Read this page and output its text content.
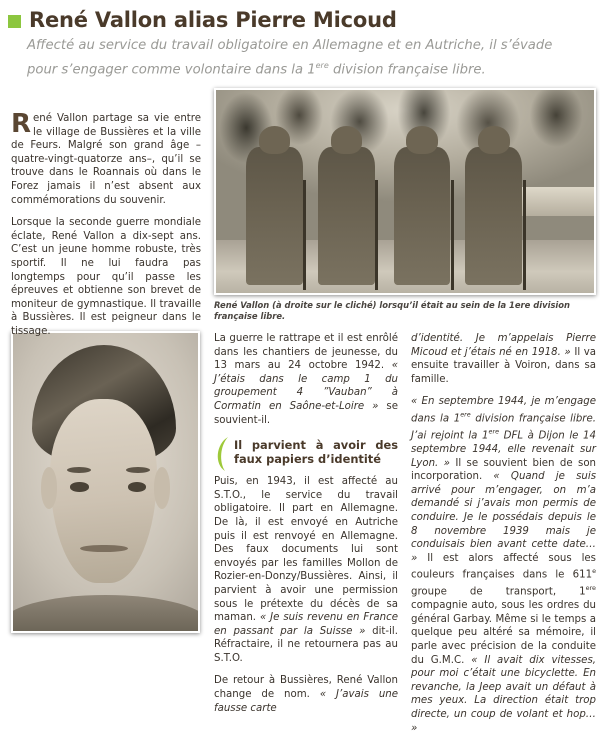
René Vallon alias Pierre Micoud
Affecté au service du travail obligatoire en Allemagne et en Autriche, il s’évade pour s’engager comme volontaire dans la 1ere division française libre.
René Vallon (à droite sur le cliché) lorsqu’il était au sein de la 1ere division française libre.

René Vallon partage sa vie entre le village de Bussières et la ville de Feurs. Malgré son grand âge –quatre-vingt-quatorze ans–, qu’il se trouve dans le Roannais où dans le Forez jamais il n’est absent aux commémorations du souvenir.

Lorsque la seconde guerre mondiale éclate, René Vallon a dix-sept ans. C’est un jeune homme robuste, très sportif. Il ne lui faudra pas longtemps pour qu’il passe les épreuves et obtienne son brevet de moniteur de gymnastique. Il travaille à Bussières. Il est peigneur dans le tissage.

La guerre le rattrape et il est enrôlé dans les chantiers de jeunesse, du 13 mars au 24 octobre 1942. « J’étais dans le camp 1 du groupement 4 ”Vauban” à Cormatin en Saône-et-Loire » se souvient-il.

Il parvient à avoir des faux papiers d’identité

Puis, en 1943, il est affecté au S.T.O., le service du travail obligatoire. Il part en Allemagne. De là, il est envoyé en Autriche puis il est renvoyé en Allemagne. Des faux documents lui sont envoyés par les familles Mollon de Rozier-en-Donzy/Bussières. Ainsi, il parvient à avoir une permission sous le prétexte du décès de sa maman. « Je suis revenu en France en passant par la Suisse » dit-il. Réfractaire, il ne retournera pas au S.T.O.

De retour à Bussières, René Vallon change de nom. « J’avais une fausse carte

d’identité. Je m’appelais Pierre Micoud et j’étais né en 1918. » Il va ensuite travailler à Voiron, dans sa famille.

« En septembre 1944, je m’engage dans la 1ere division française libre. J’ai rejoint la 1ere DFL à Dijon le 14 septembre 1944, elle revenait sur Lyon. » Il se souvient bien de son incorporation. « Quand je suis arrivé pour m’engager, on m’a demandé si j’avais mon permis de conduire. Je le possédais depuis le 8 novembre 1939 mais je conduisais bien avant cette date… » Il est alors affecté sous les couleurs françaises dans le 611e groupe de transport, 1ere compagnie auto, sous les ordres du général Garbay. Même si le temps a quelque peu altéré sa mémoire, il parle avec précision de la conduite du G.M.C. « Il avait dix vitesses, pour moi c’était une bicyclette. En revanche, la Jeep avait un défaut à mes yeux. La direction était trop directe, un coup de volant et hop… »
